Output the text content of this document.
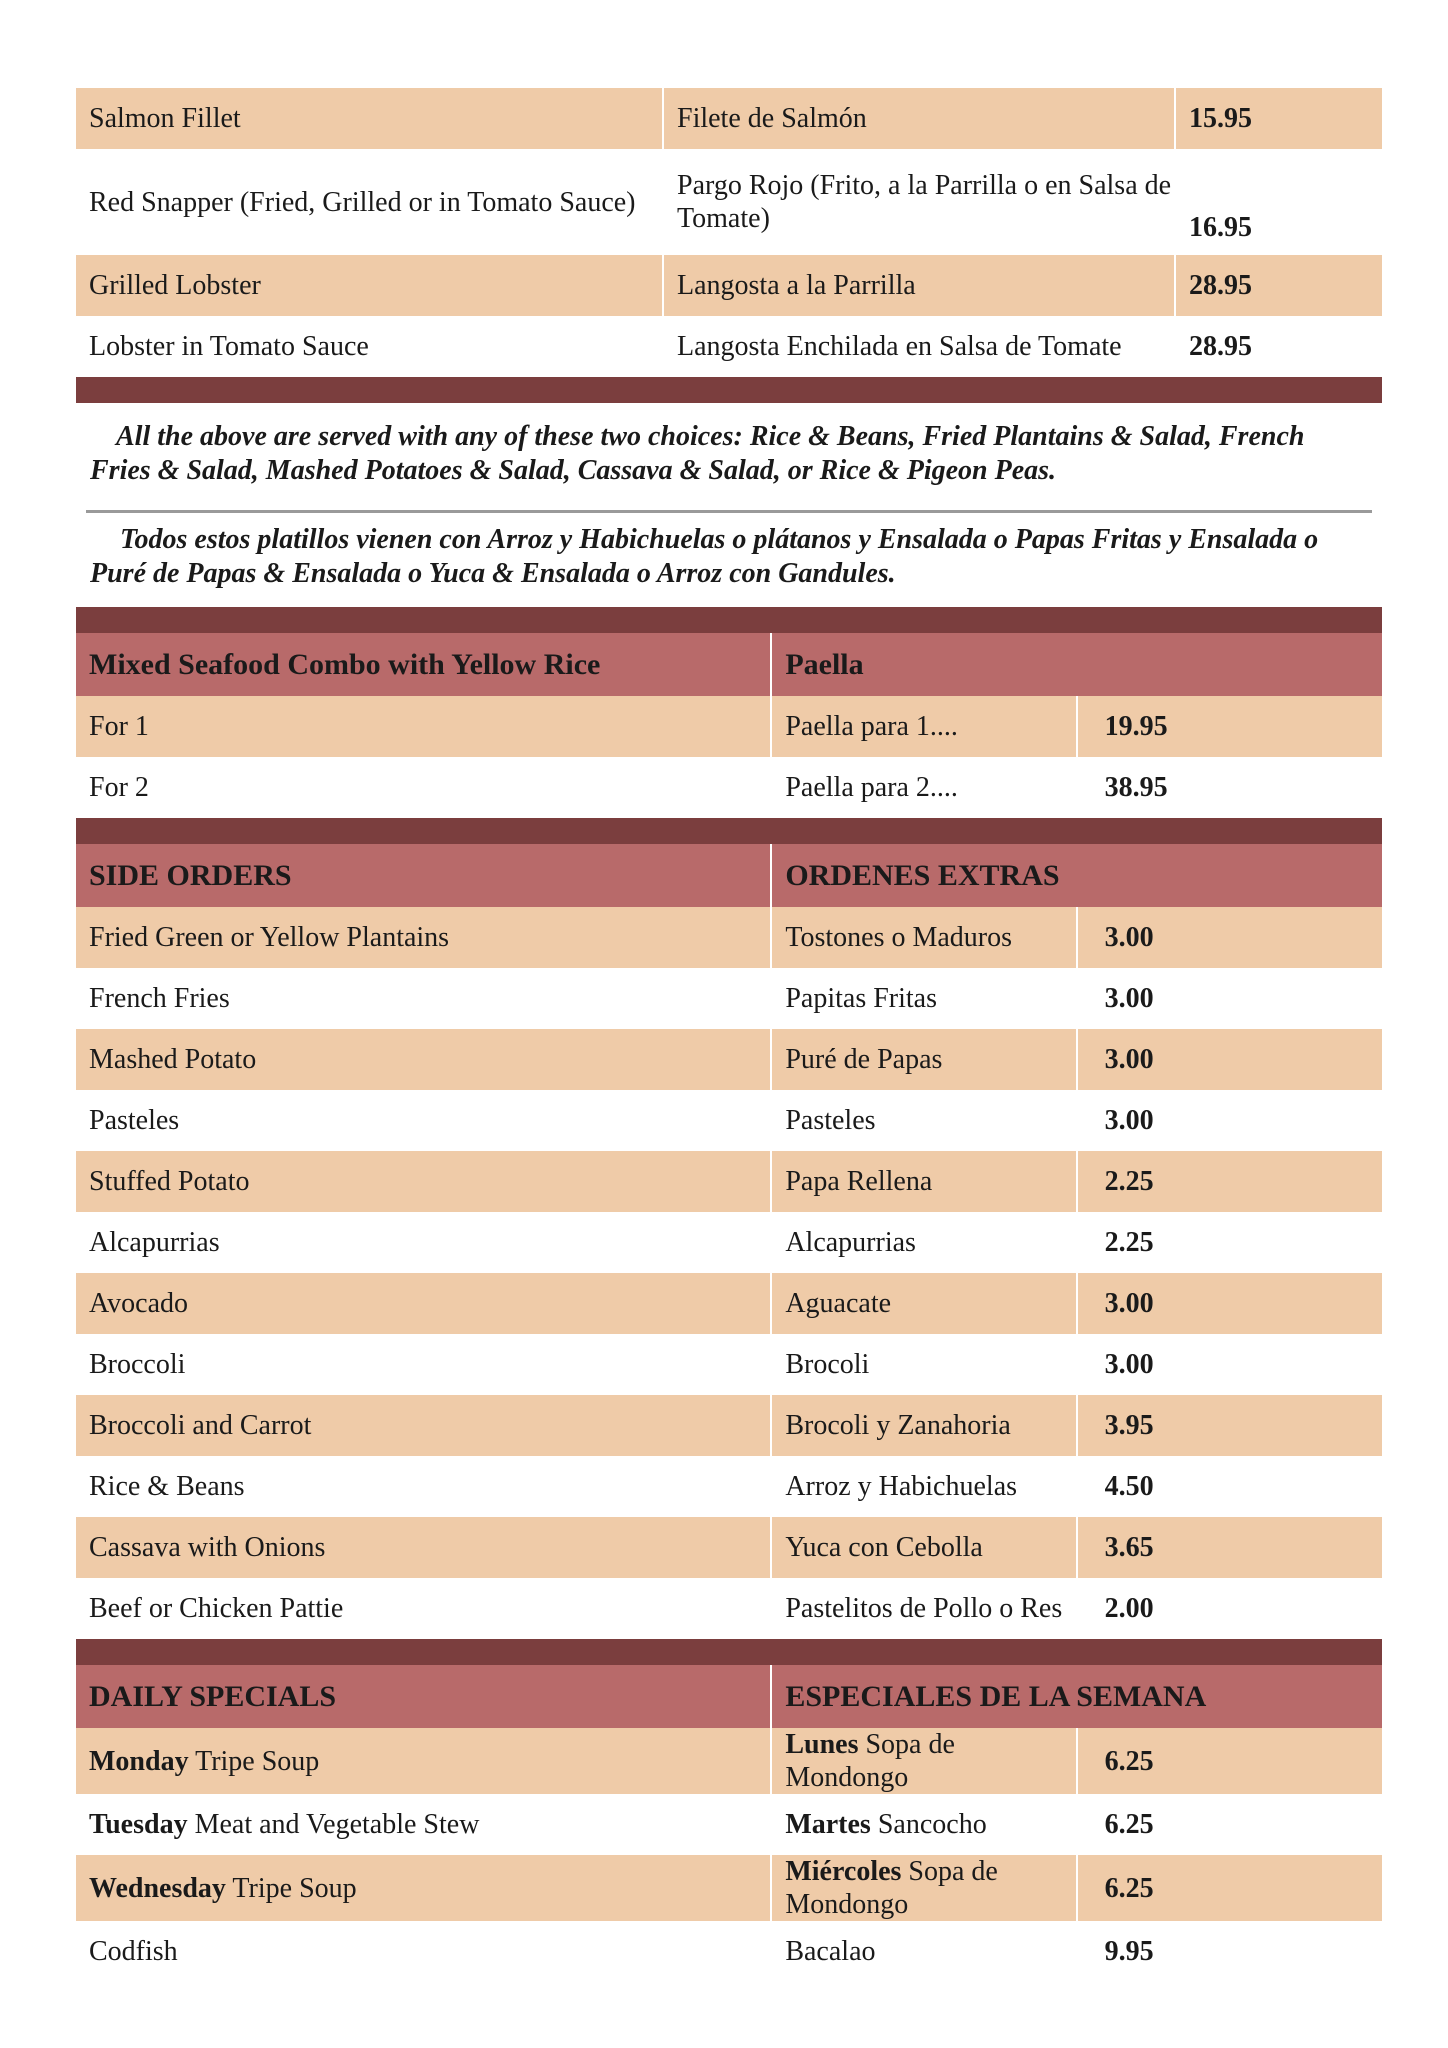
Salmon Fillet	Filete de Salmón	15.95
Red Snapper (Fried, Grilled or in Tomato Sauce)	Pargo Rojo (Frito, a la Parrilla o en Salsa de Tomate)	16.95
Grilled Lobster	Langosta a la Parrilla	28.95
Lobster in Tomato Sauce	Langosta Enchilada en Salsa de Tomate	28.95
All the above are served with any of these two choices: Rice & Beans, Fried Plantains & Salad, French Fries & Salad, Mashed Potatoes & Salad, Cassava & Salad, or Rice & Pigeon Peas.
Todos estos platillos vienen con Arroz y Habichuelas o plátanos y Ensalada o Papas Fritas y Ensalada o Puré de Papas & Ensalada o Yuca & Ensalada o Arroz con Gandules.
Mixed Seafood Combo with Yellow Rice	Paella	
For 1	Paella para 1....	19.95
For 2	Paella para 2....	38.95
SIDE ORDERS	ORDENES EXTRAS	
Fried Green or Yellow Plantains	Tostones o Maduros	3.00
French Fries	Papitas Fritas	3.00
Mashed Potato	Puré de Papas	3.00
Pasteles	Pasteles	3.00
Stuffed Potato	Papa Rellena	2.25
Alcapurrias	Alcapurrias	2.25
Avocado	Aguacate	3.00
Broccoli	Brocoli	3.00
Broccoli and Carrot	Brocoli y Zanahoria	3.95
Rice & Beans	Arroz y Habichuelas	4.50
Cassava with Onions	Yuca con Cebolla	3.65
Beef or Chicken Pattie	Pastelitos de Pollo o Res	2.00
DAILY SPECIALS	ESPECIALES DE LA SEMANA	
Monday Tripe Soup	Lunes Sopa de Mondongo	6.25
Tuesday Meat and Vegetable Stew	Martes Sancocho	6.25
Wednesday Tripe Soup	Miércoles Sopa de Mondongo	6.25
Codfish	Bacalao	9.95
